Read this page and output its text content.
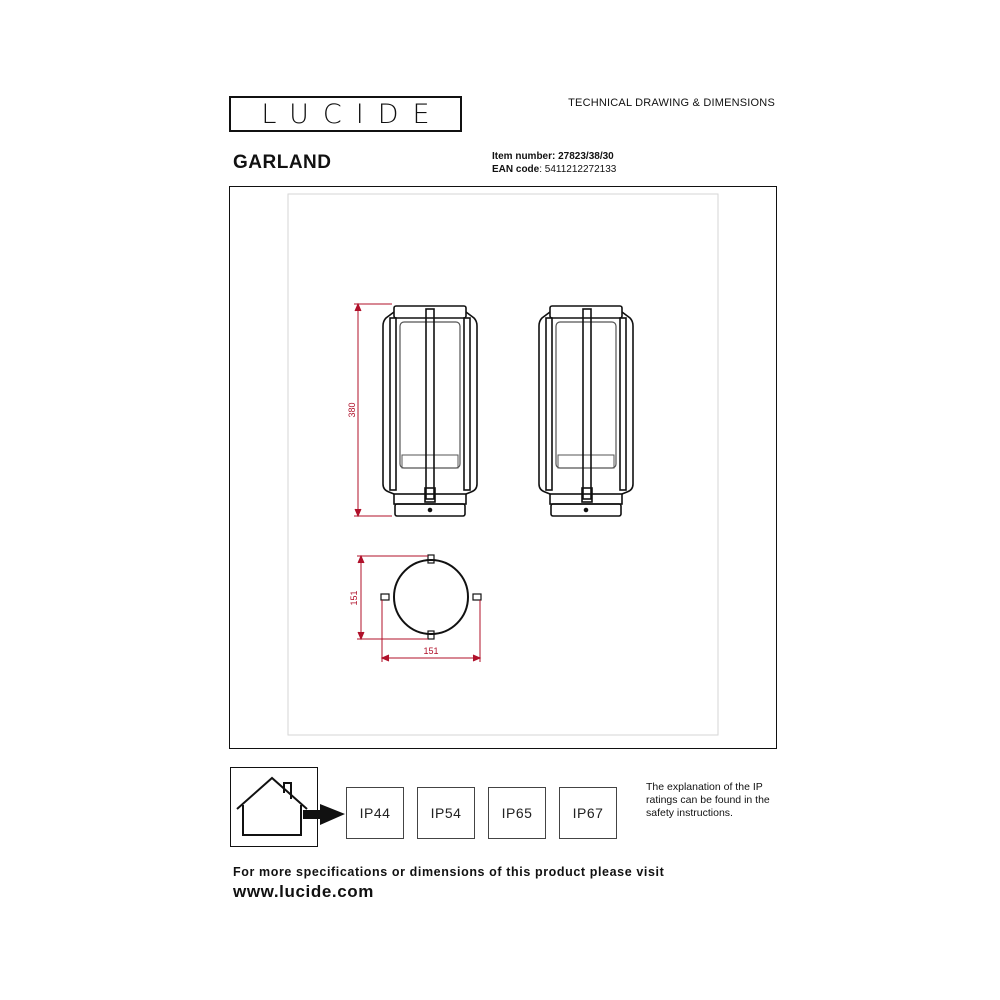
LUCIDE	TECHNICAL DRAWING & DIMENSIONS
GARLAND	Item number: 27823/38/30
EAN code: 5411212272133
380
151
151
IP44	IP54	IP65	IP67
The explanation of the IP ratings can be found in the safety instructions.
For more specifications or dimensions of this product please visit
www.lucide.com
